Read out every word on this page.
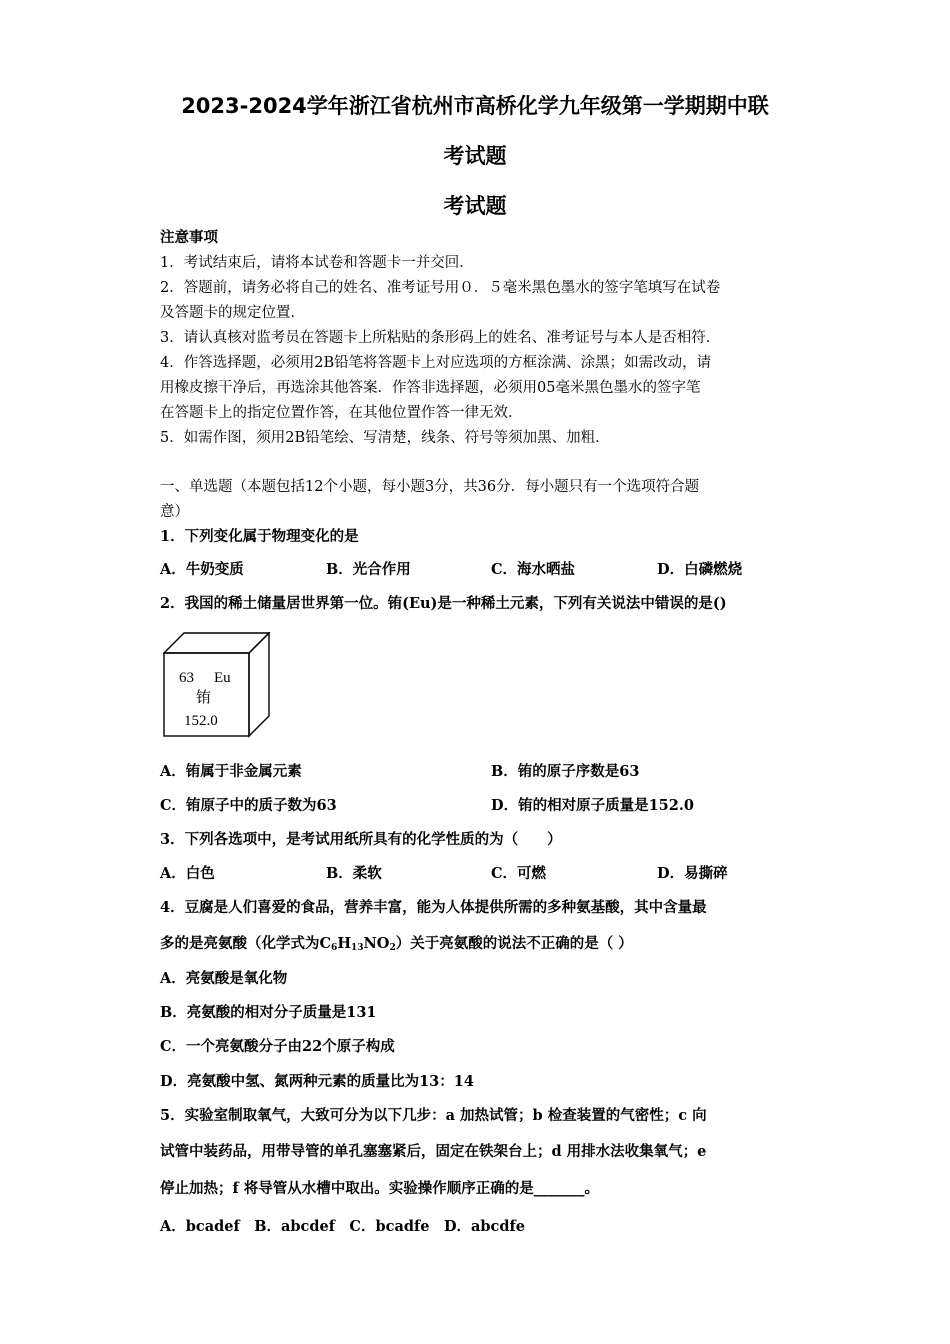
2023-2024学年浙江省杭州市高桥化学九年级第一学期期中联
考试题
考试题
注意事项
1．考试结束后，请将本试卷和答题卡一并交回．
2．答题前，请务必将自己的姓名、准考证号用０．５毫米黑色墨水的签字笔填写在试卷
及答题卡的规定位置．
3．请认真核对监考员在答题卡上所粘贴的条形码上的姓名、准考证号与本人是否相符．
4．作答选择题，必须用2B铅笔将答题卡上对应选项的方框涂满、涂黑；如需改动，请
用橡皮擦干净后，再选涂其他答案．作答非选择题，必须用05毫米黑色墨水的签字笔
在答题卡上的指定位置作答，在其他位置作答一律无效．
5．如需作图，须用2B铅笔绘、写清楚，线条、符号等须加黑、加粗．
一、单选题（本题包括12个小题，每小题3分，共36分．每小题只有一个选项符合题
意）
1．下列变化属于物理变化的是
A．牛奶变质	B．光合作用	C．海水晒盐	D．白磷燃烧
2．我国的稀土储量居世界第一位。铕(Eu)是一种稀土元素，下列有关说法中错误的是()
63 Eu
铕
152.0
A．铕属于非金属元素	B．铕的原子序数是63
C．铕原子中的质子数为63	D．铕的相对原子质量是152.0
3．下列各选项中，是考试用纸所具有的化学性质的为（　　）
A．白色	B．柔软	C．可燃	D．易撕碎
4．豆腐是人们喜爱的食品，营养丰富，能为人体提供所需的多种氨基酸，其中含量最
多的是亮氨酸（化学式为$C_6H_{13}NO_2$）关于亮氨酸的说法不正确的是（ ）
A．亮氨酸是氧化物
B．亮氨酸的相对分子质量是131
C．一个亮氨酸分子由22个原子构成
D．亮氨酸中氢、氮两种元素的质量比为13：14
5．实验室制取氧气，大致可分为以下几步：a 加热试管；b 检查装置的气密性；c 向
试管中装药品，用带导管的单孔塞塞紧后，固定在铁架台上；d 用排水法收集氧气；e
停止加热；f 将导管从水槽中取出。实验操作顺序正确的是_______。
A．bcadef　B．abcdef　C．bcadfe　D．abcdfe
